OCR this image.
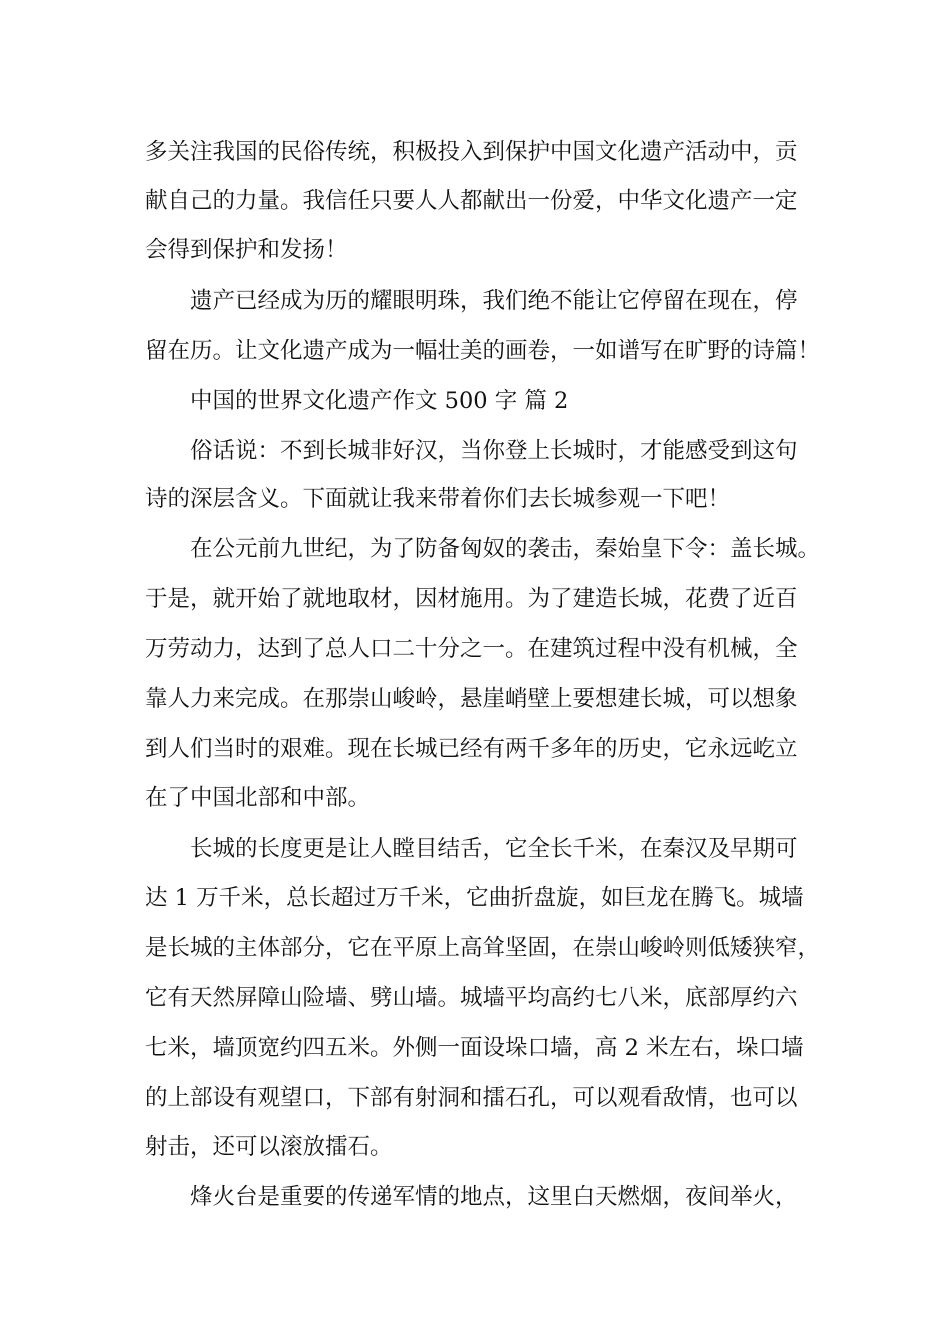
多关注我国的民俗传统，积极投入到保护中国文化遗产活动中，贡
献自己的力量。我信任只要人人都献出一份爱，中华文化遗产一定
会得到保护和发扬！
遗产已经成为历的耀眼明珠，我们绝不能让它停留在现在，停
留在历。让文化遗产成为一幅壮美的画卷，一如谱写在旷野的诗篇！
中国的世界文化遗产作文 500 字 篇 2
俗话说：不到长城非好汉，当你登上长城时，才能感受到这句
诗的深层含义。下面就让我来带着你们去长城参观一下吧！
在公元前九世纪，为了防备匈奴的袭击，秦始皇下令：盖长城。
于是，就开始了就地取材，因材施用。为了建造长城，花费了近百
万劳动力，达到了总人口二十分之一。在建筑过程中没有机械，全
靠人力来完成。在那崇山峻岭，悬崖峭壁上要想建长城，可以想象
到人们当时的艰难。现在长城已经有两千多年的历史，它永远屹立
在了中国北部和中部。
长城的长度更是让人瞠目结舌，它全长千米，在秦汉及早期可
达 1 万千米，总长超过万千米，它曲折盘旋，如巨龙在腾飞。城墙
是长城的主体部分，它在平原上高耸坚固，在崇山峻岭则低矮狭窄，
它有天然屏障山险墙、劈山墙。城墙平均高约七八米，底部厚约六
七米，墙顶宽约四五米。外侧一面设垛口墙，高 2 米左右，垛口墙
的上部设有观望口，下部有射洞和擂石孔，可以观看敌情，也可以
射击，还可以滚放擂石。
烽火台是重要的传递军情的地点，这里白天燃烟，夜间举火，
